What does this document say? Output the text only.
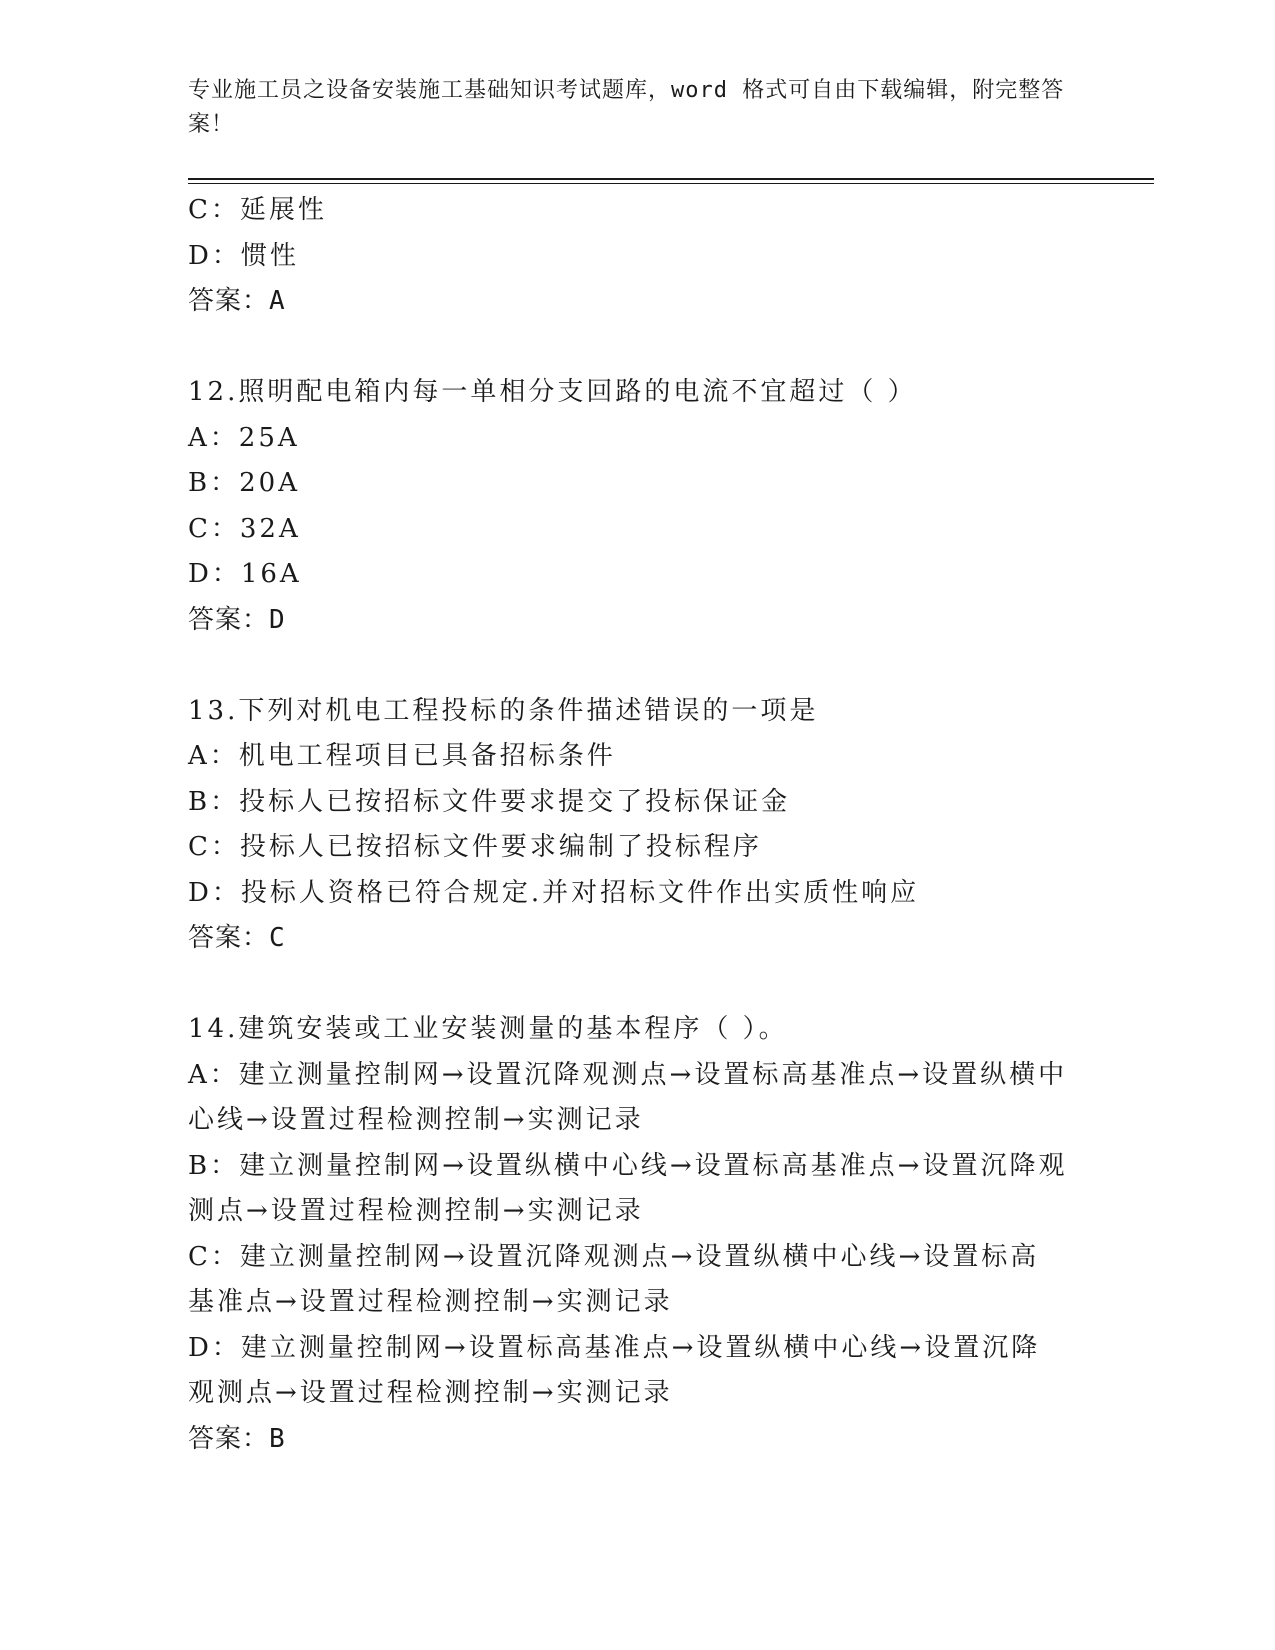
专业施工员之设备安装施工基础知识考试题库，word 格式可自由下载编辑，附完整答案！
C：延展性
D：惯性
答案：A
12.照明配电箱内每一单相分支回路的电流不宜超过（ ）
A：25A
B：20A
C：32A
D：16A
答案：D
13.下列对机电工程投标的条件描述错误的一项是
A：机电工程项目已具备招标条件
B：投标人已按招标文件要求提交了投标保证金
C：投标人已按招标文件要求编制了投标程序
D：投标人资格已符合规定.并对招标文件作出实质性响应
答案：C
14.建筑安装或工业安装测量的基本程序（ ）。
A：建立测量控制网→设置沉降观测点→设置标高基准点→设置纵横中心线→设置过程检测控制→实测记录
B：建立测量控制网→设置纵横中心线→设置标高基准点→设置沉降观测点→设置过程检测控制→实测记录
C：建立测量控制网→设置沉降观测点→设置纵横中心线→设置标高基准点→设置过程检测控制→实测记录
D：建立测量控制网→设置标高基准点→设置纵横中心线→设置沉降观测点→设置过程检测控制→实测记录
答案：B
